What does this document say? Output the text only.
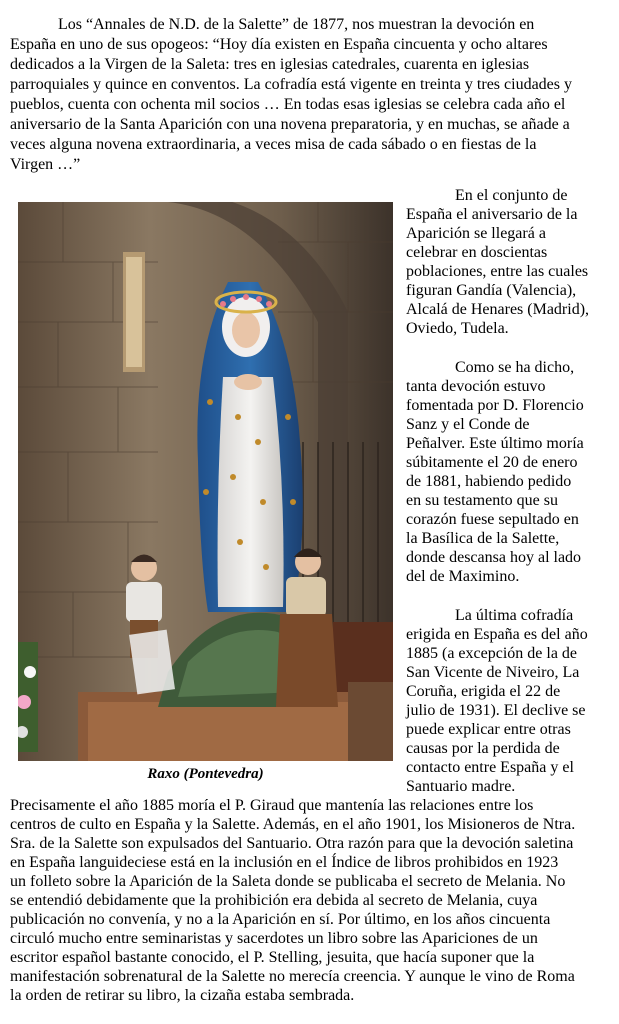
Los “Annales de N.D. de la Salette” de 1877, nos muestran la devoción en
España en uno de sus opogeos: “Hoy día existen en España cincuenta y ocho altares
dedicados a la Virgen de la Saleta: tres en iglesias catedrales, cuarenta en iglesias
parroquiales y quince en conventos. La cofradía está vigente en treinta y tres ciudades y
pueblos, cuenta con ochenta mil socios … En todas esas iglesias se celebra cada año el
aniversario de la Santa Aparición con una novena preparatoria, y en muchas, se añade a
veces alguna novena extraordinaria, a veces misa de cada sábado o en fiestas de la
Virgen …”
Raxo (Pontevedra)
En el conjunto de
España el aniversario de la
Aparición se llegará a
celebrar en doscientas
poblaciones, entre las cuales
figuran Gandía (Valencia),
Alcalá de Henares (Madrid),
Oviedo, Tudela.
Como se ha dicho,
tanta devoción estuvo
fomentada por D. Florencio
Sanz y el Conde de
Peñalver. Este último moría
súbitamente el 20 de enero
de 1881, habiendo pedido
en su testamento que su
corazón fuese sepultado en
la Basílica de la Salette,
donde descansa hoy al lado
del de Maximino.
La última cofradía
erigida en España es del año
1885 (a excepción de la de
San Vicente de Niveiro, La
Coruña, erigida el 22 de
julio de 1931). El declive se
puede explicar entre otras
causas por la perdida de
contacto entre España y el
Santuario madre.
Precisamente el año 1885 moría el P. Giraud que mantenía las relaciones entre los
centros de culto en España y la Salette. Además, en el año 1901, los Misioneros de Ntra.
Sra. de la Salette son expulsados del Santuario. Otra razón para que la devoción saletina
en España languideciese está en la inclusión en el Índice de libros prohibidos en 1923
un folleto sobre la Aparición de la Saleta donde se publicaba el secreto de Melania. No
se entendió debidamente que la prohibición era debida al secreto de Melania, cuya
publicación no convenía, y no a la Aparición en sí. Por último, en los años cincuenta
circuló mucho entre seminaristas y sacerdotes un libro sobre las Apariciones de un
escritor español bastante conocido, el P. Stelling, jesuita, que hacía suponer que la
manifestación sobrenatural de la Salette no merecía creencia. Y aunque le vino de Roma
la orden de retirar su libro, la cizaña estaba sembrada.
